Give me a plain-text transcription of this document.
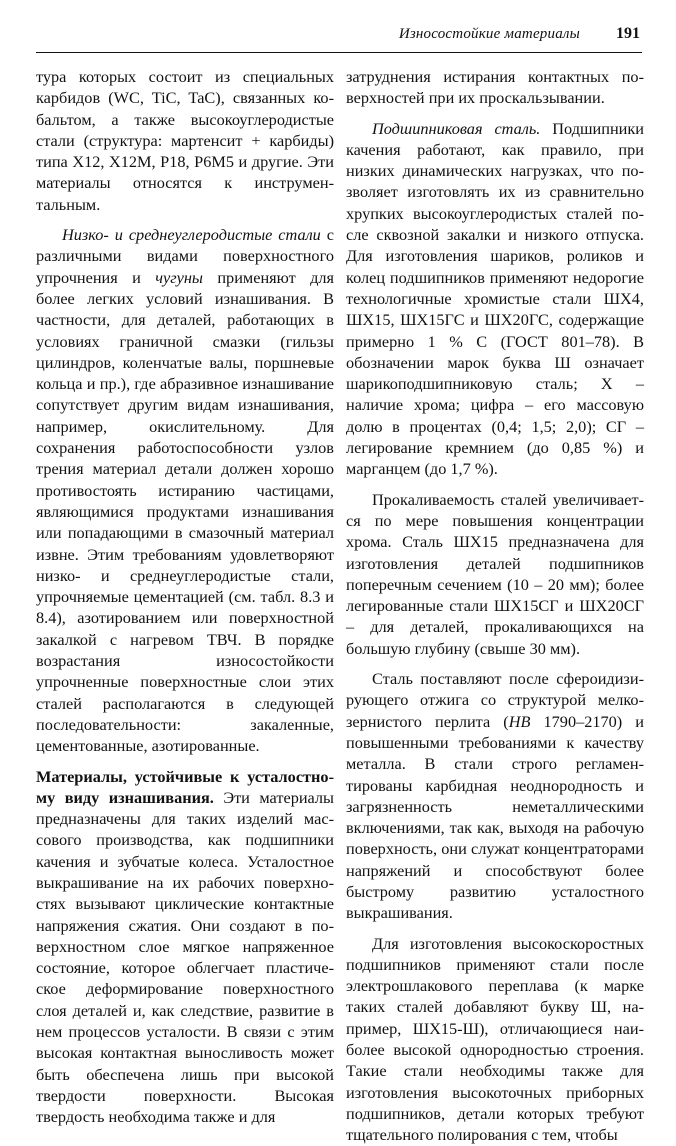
Износостойкие материалы 191

тура которых состоит из специальных карбидов (WC, TiC, TaC), связанных кобальтом, а также высокоуглеродистые стали (структура: мартенсит + карбиды) типа Х12, Х12М, Р18, Р6М5 и другие. Эти материалы относятся к инструментальным.

Низко- и среднеуглеродистые стали с различными видами поверхностного упрочнения и чугуны применяют для более легких условий изнашивания. В частности, для деталей, работающих в условиях граничной смазки (гильзы цилиндров, коленчатые валы, поршневые кольца и пр.), где абразивное изнашивание сопутствует другим видам изнашивания, например, окислительному. Для сохранения работоспособности узлов трения материал детали должен хорошо противостоять истиранию частицами, являющимися продуктами изнашивания или попадающими в смазочный материал извне. Этим требованиям удовлетворяют низко- и среднеуглеродистые стали, упрочняемые цементацией (см. табл. 8.3 и 8.4), азотированием или поверхностной закалкой с нагревом ТВЧ. В порядке возрастания износостойкости упрочненные поверхностные слои этих сталей располагаются в следующей последовательности: закаленные, цементованные, азотированные.

Материалы, устойчивые к усталостному виду изнашивания. Эти материалы предназначены для таких изделий массового производства, как подшипники качения и зубчатые колеса. Усталостное выкрашивание на их рабочих поверхностях вызывают циклические контактные напряжения сжатия. Они создают в поверхностном слое мягкое напряженное состояние, которое облегчает пластическое деформирование поверхностного слоя деталей и, как следствие, развитие в нем процессов усталости. В связи с этим высокая контактная выносливость может быть обеспечена лишь при высокой твердости поверхности. Высокая твердость необходима также и для

затруднения истирания контактных поверхностей при их проскальзывании.

Подшипниковая сталь. Подшипники качения работают, как правило, при низких динамических нагрузках, что позволяет изготовлять их из сравнительно хрупких высокоуглеродистых сталей после сквозной закалки и низкого отпуска. Для изготовления шариков, роликов и колец подшипников применяют недорогие технологичные хромистые стали ШХ4, ШХ15, ШХ15ГС и ШХ20ГС, содержащие примерно 1 % С (ГОСТ 801–78). В обозначении марок буква Ш означает шарикоподшипниковую сталь; Х – наличие хрома; цифра – его массовую долю в процентах (0,4; 1,5; 2,0); СГ – легирование кремнием (до 0,85 %) и марганцем (до 1,7 %).

Прокаливаемость сталей увеличивается по мере повышения концентрации хрома. Сталь ШХ15 предназначена для изготовления деталей подшипников поперечным сечением (10 – 20 мм); более легированные стали ШХ15СГ и ШХ20СГ – для деталей, прокаливающихся на большую глубину (свыше 30 мм).

Сталь поставляют после сфероидизирующего отжига со структурой мелкозернистого перлита (НВ 1790–2170) и повышенными требованиями к качеству металла. В стали строго регламентированы карбидная неоднородность и загрязненность неметаллическими включениями, так как, выходя на рабочую поверхность, они служат концентраторами напряжений и способствуют более быстрому развитию усталостного выкрашивания.

Для изготовления высокоскоростных подшипников применяют стали после электрошлакового переплава (к марке таких сталей добавляют букву Ш, например, ШХ15-Ш), отличающиеся наиболее высокой однородностью строения. Такие стали необходимы также для изготовления высокоточных приборных подшипников, детали которых требуют тщательного полирования с тем, чтобы
